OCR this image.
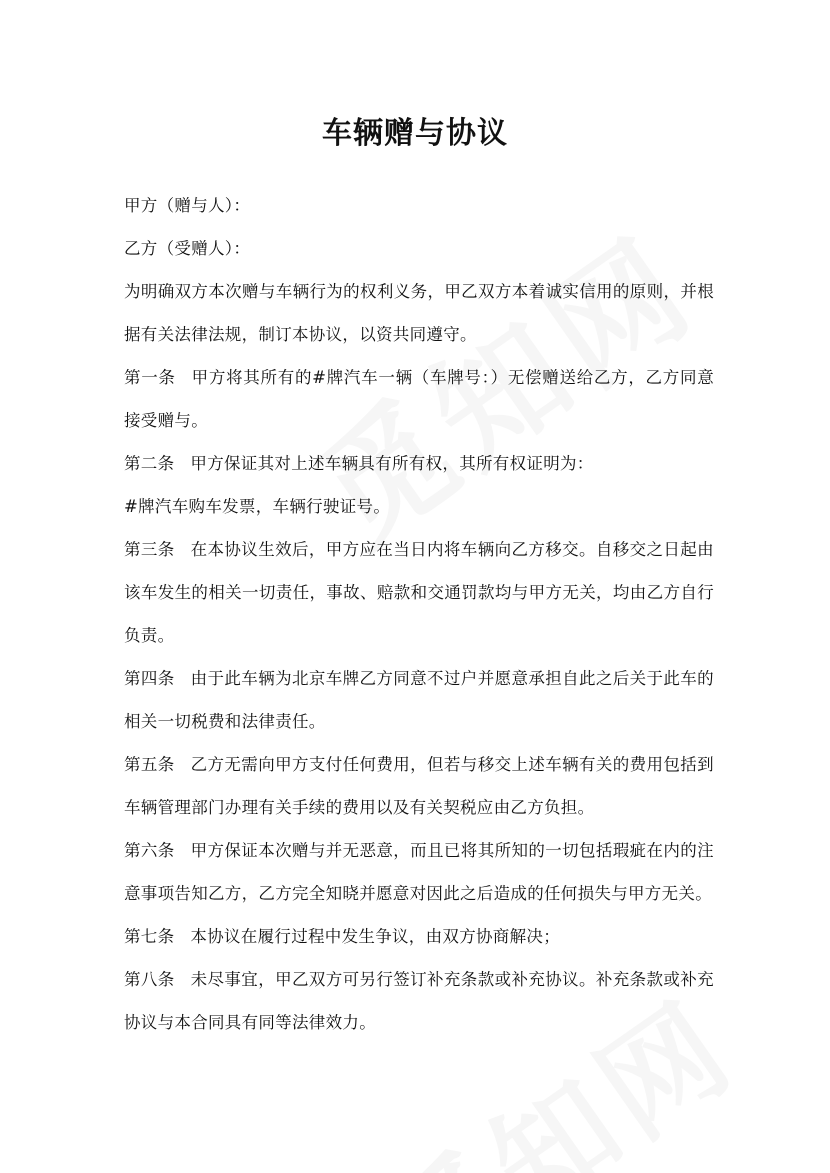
车辆赠与协议

甲方（赠与人）：

乙方（受赠人）：

为明确双方本次赠与车辆行为的权利义务，甲乙双方本着诚实信用的原则，并根据有关法律法规，制订本协议，以资共同遵守。

第一条 甲方将其所有的#牌汽车一辆（车牌号：）无偿赠送给乙方，乙方同意接受赠与。

第二条 甲方保证其对上述车辆具有所有权，其所有权证明为：

#牌汽车购车发票，车辆行驶证号。

第三条 在本协议生效后，甲方应在当日内将车辆向乙方移交。自移交之日起由该车发生的相关一切责任，事故、赔款和交通罚款均与甲方无关，均由乙方自行负责。

第四条 由于此车辆为北京车牌乙方同意不过户并愿意承担自此之后关于此车的相关一切税费和法律责任。

第五条 乙方无需向甲方支付任何费用，但若与移交上述车辆有关的费用包括到车辆管理部门办理有关手续的费用以及有关契税应由乙方负担。

第六条 甲方保证本次赠与并无恶意，而且已将其所知的一切包括瑕疵在内的注意事项告知乙方，乙方完全知晓并愿意对因此之后造成的任何损失与甲方无关。

第七条 本协议在履行过程中发生争议，由双方协商解决；

第八条 未尽事宜，甲乙双方可另行签订补充条款或补充协议。补充条款或补充协议与本合同具有同等法律效力。
